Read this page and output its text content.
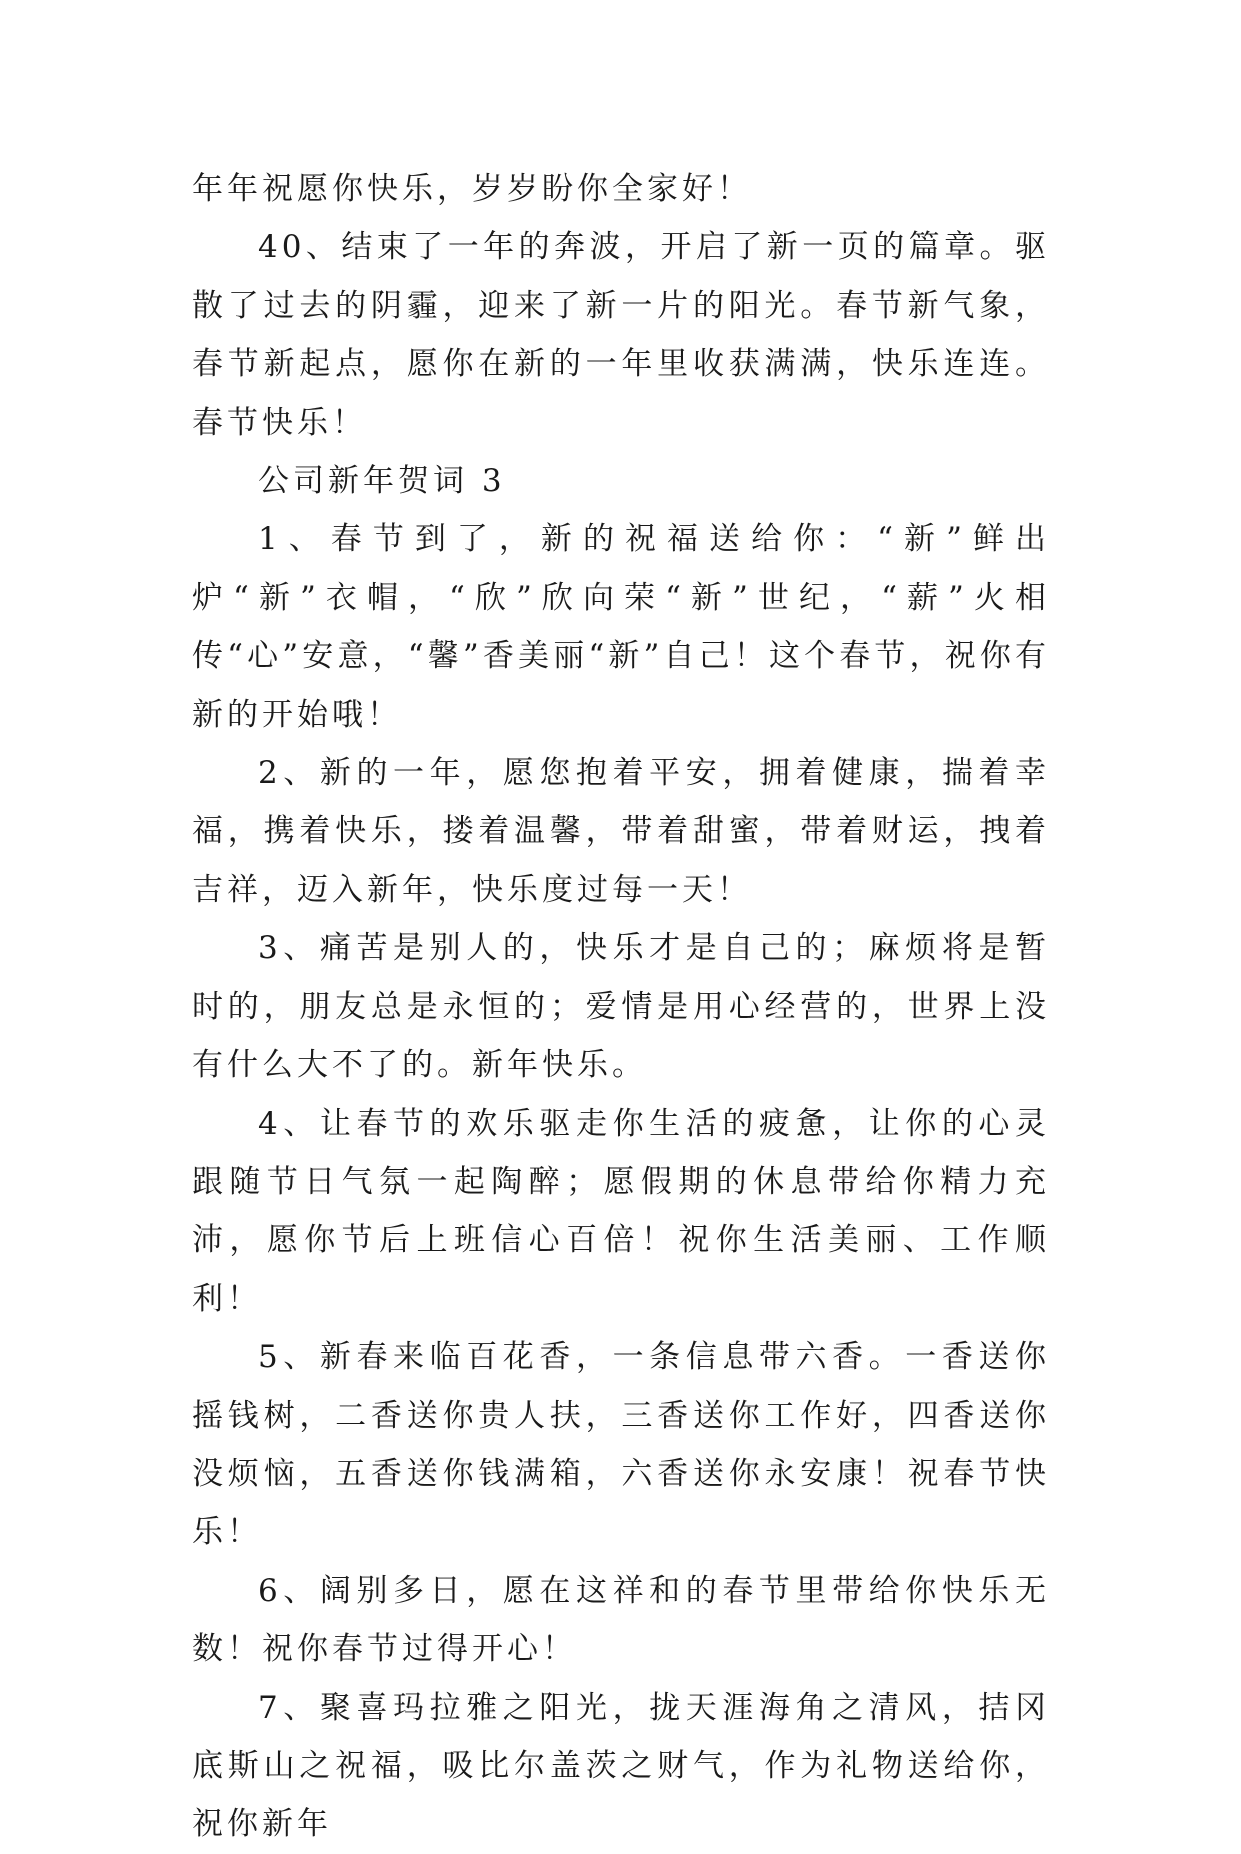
年年祝愿你快乐，岁岁盼你全家好！

40、结束了一年的奔波，开启了新一页的篇章。驱散了过去的阴霾，迎来了新一片的阳光。春节新气象，春节新起点，愿你在新的一年里收获满满，快乐连连。春节快乐！

公司新年贺词 3

1、春节到了，新的祝福送给你：“新”鲜出炉“新”衣帽，“欣”欣向荣“新”世纪，“薪”火相传“心”安意，“馨”香美丽“新”自己！这个春节，祝你有新的开始哦！

2、新的一年，愿您抱着平安，拥着健康，揣着幸福，携着快乐，搂着温馨，带着甜蜜，带着财运，拽着吉祥，迈入新年，快乐度过每一天！

3、痛苦是别人的，快乐才是自己的；麻烦将是暂时的，朋友总是永恒的；爱情是用心经营的，世界上没有什么大不了的。新年快乐。

4、让春节的欢乐驱走你生活的疲惫，让你的心灵跟随节日气氛一起陶醉；愿假期的休息带给你精力充沛，愿你节后上班信心百倍！祝你生活美丽、工作顺利！

5、新春来临百花香，一条信息带六香。一香送你摇钱树，二香送你贵人扶，三香送你工作好，四香送你没烦恼，五香送你钱满箱，六香送你永安康！祝春节快乐！

6、阔别多日，愿在这祥和的春节里带给你快乐无数！祝你春节过得开心！

7、聚喜玛拉雅之阳光，拢天涯海角之清风，拮冈底斯山之祝福，吸比尔盖茨之财气，作为礼物送给你，祝你新年
